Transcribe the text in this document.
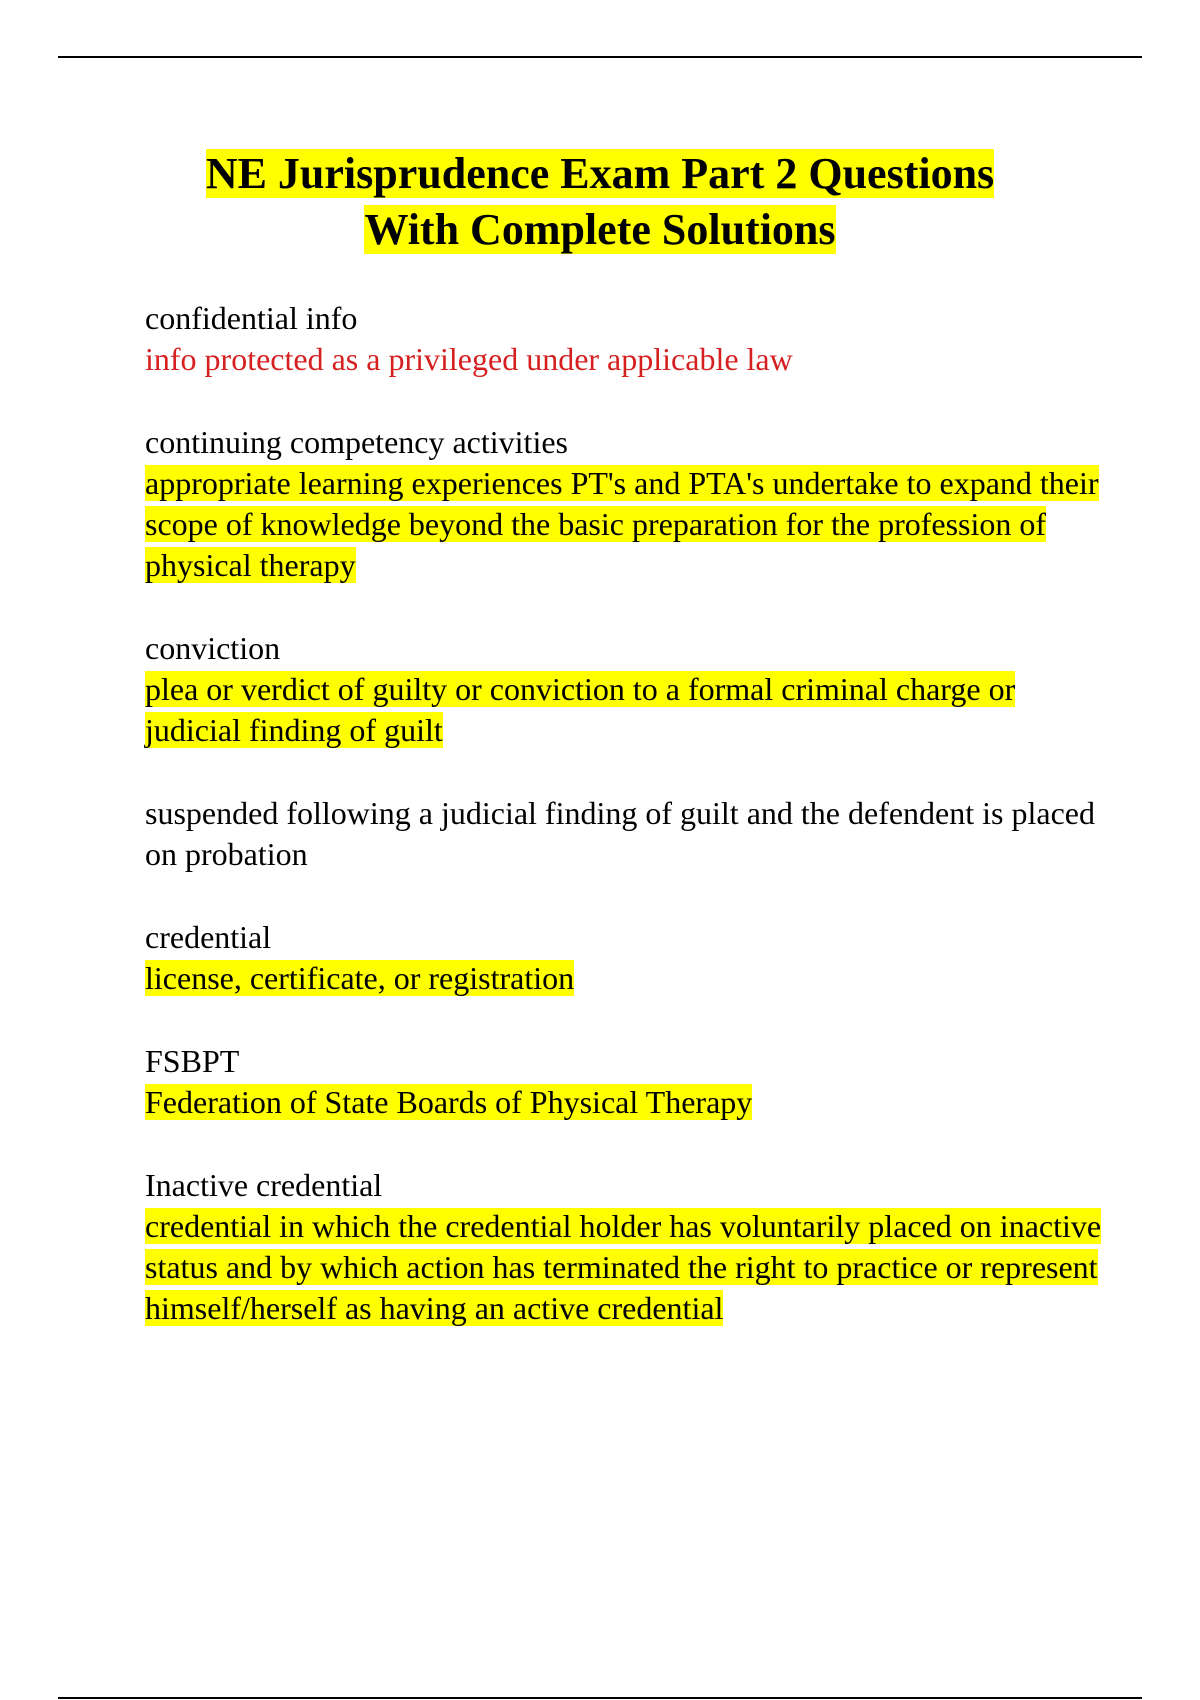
NE Jurisprudence Exam Part 2 Questions
With Complete Solutions
confidential info
info protected as a privileged under applicable law
continuing competency activities
appropriate learning experiences PT's and PTA's undertake to expand their scope of knowledge beyond the basic preparation for the profession of physical therapy
conviction
plea or verdict of guilty or conviction to a formal criminal charge or judicial finding of guilt
suspended following a judicial finding of guilt and the defendent is placed on probation
credential
license, certificate, or registration
FSBPT
Federation of State Boards of Physical Therapy
Inactive credential
credential in which the credential holder has voluntarily placed on inactive status and by which action has terminated the right to practice or represent himself/herself as having an active credential
